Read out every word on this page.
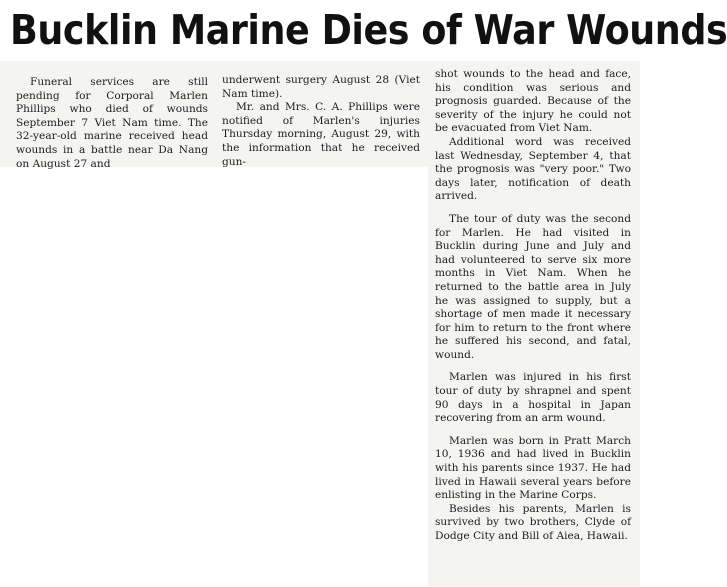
Bucklin Marine Dies of War Wounds

Funeral services are still pending for Corporal Marlen Phillips who died of wounds September 7 Viet Nam time. The 32-year-old marine received head wounds in a battle near Da Nang on August 27 and

underwent surgery August 28 (Viet Nam time).

Mr. and Mrs. C. A. Phillips were notified of Marlen's injuries Thursday morning, August 29, with the information that he received gun-

shot wounds to the head and face, his condition was serious and prognosis guarded. Because of the severity of the injury he could not be evacuated from Viet Nam.

Additional word was received last Wednesday, September 4, that the prognosis was "very poor." Two days later, notification of death arrived.

The tour of duty was the second for Marlen. He had visited in Bucklin during June and July and had volunteered to serve six more months in Viet Nam. When he returned to the battle area in July he was assigned to supply, but a shortage of men made it necessary for him to return to the front where he suffered his second, and fatal, wound.

Marlen was injured in his first tour of duty by shrapnel and spent 90 days in a hospital in Japan recovering from an arm wound.

Marlen was born in Pratt March 10, 1936 and had lived in Bucklin with his parents since 1937. He had lived in Hawaii several years before enlisting in the Marine Corps.

Besides his parents, Marlen is survived by two brothers, Clyde of Dodge City and Bill of Aiea, Hawaii.
